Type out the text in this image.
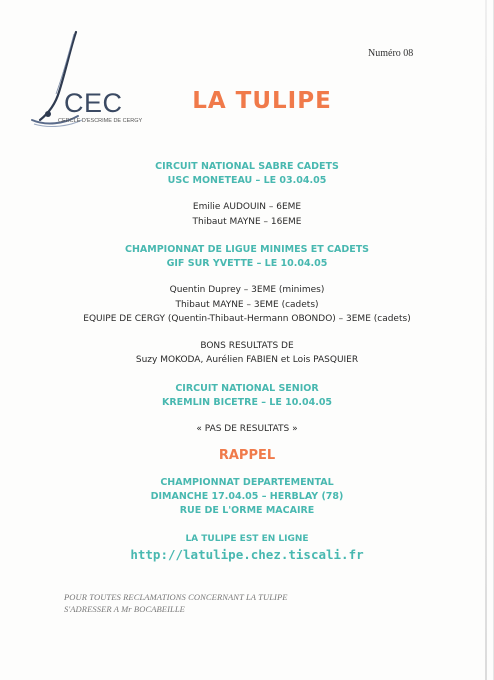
CEC
CERCLE D'ESCRIME DE CERGY
Numéro 08
LA TULIPE
CIRCUIT NATIONAL SABRE CADETS
USC MONETEAU – LE 03.04.05
Emilie AUDOUIN – 6EME
Thibaut MAYNE – 16EME
CHAMPIONNAT DE LIGUE MINIMES ET CADETS
GIF SUR YVETTE – LE 10.04.05
Quentin Duprey – 3EME (minimes)
Thibaut MAYNE – 3EME (cadets)
EQUIPE DE CERGY (Quentin-Thibaut-Hermann OBONDO) – 3EME (cadets)
BONS RESULTATS DE
Suzy MOKODA, Aurélien FABIEN et Lois PASQUIER
CIRCUIT NATIONAL SENIOR
KREMLIN BICETRE – LE 10.04.05
« PAS DE RESULTATS »
RAPPEL
CHAMPIONNAT DEPARTEMENTAL
DIMANCHE 17.04.05 – HERBLAY (78)
RUE DE L'ORME MACAIRE
LA TULIPE EST EN LIGNE
http://latulipe.chez.tiscali.fr
POUR TOUTES RECLAMATIONS CONCERNANT LA TULIPE
S'ADRESSER A Mr BOCABEILLE
